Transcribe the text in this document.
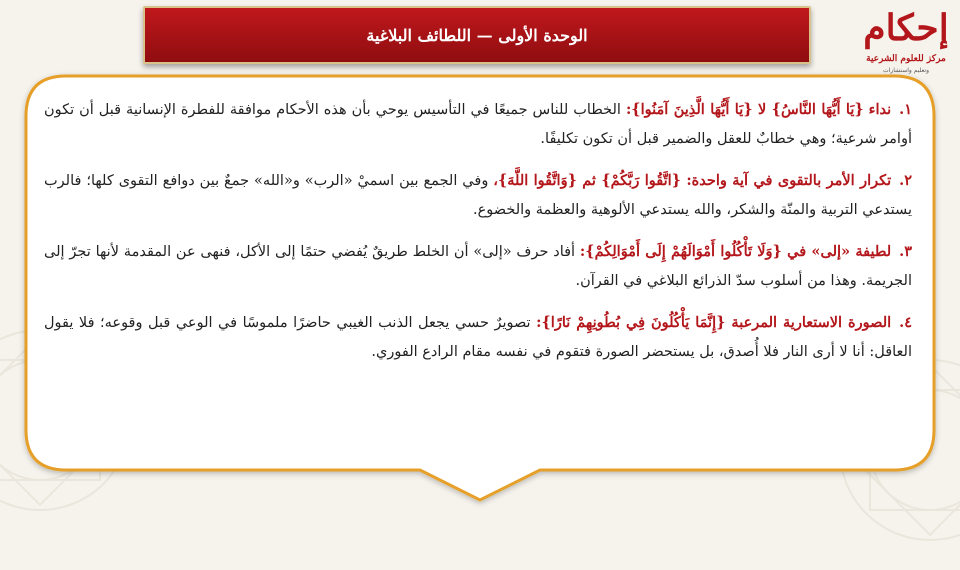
الوحدة الأولى — اللطائف البلاغية	إحكام
مركز للعلوم الشرعية
وتعليم واستشارات
١.نداء {يَا أَيُّهَا النَّاسُ} لا {يَا أَيُّهَا الَّذِينَ آمَنُوا}: الخطاب للناس جميعًا في التأسيس يوحي بأن هذه الأحكام موافقة للفطرة الإنسانية قبل أن تكون أوامر شرعية؛ وهي خطابٌ للعقل والضمير قبل أن تكون تكليفًا.
٢.تكرار الأمر بالتقوى في آية واحدة: {اتَّقُوا رَبَّكُمْ} ثم {وَاتَّقُوا اللَّهَ}، وفي الجمع بين اسميْ «الرب» و«الله» جمعٌ بين دوافع التقوى كلها؛ فالرب يستدعي التربية والمنّة والشكر، والله يستدعي الألوهية والعظمة والخضوع.
٣.لطيفة «إلى» في {وَلَا تَأْكُلُوا أَمْوَالَهُمْ إِلَى أَمْوَالِكُمْ}: أفاد حرف «إلى» أن الخلط طريقٌ يُفضي حتمًا إلى الأكل، فنهى عن المقدمة لأنها تجرّ إلى الجريمة. وهذا من أسلوب سدّ الذرائع البلاغي في القرآن.
٤.الصورة الاستعارية المرعبة {إِنَّمَا يَأْكُلُونَ فِي بُطُونِهِمْ نَارًا}: تصويرٌ حسي يجعل الذنب الغيبي حاضرًا ملموسًا في الوعي قبل وقوعه؛ فلا يقول العاقل: أنا لا أرى النار فلا أُصدق، بل يستحضر الصورة فتقوم في نفسه مقام الرادع الفوري.
